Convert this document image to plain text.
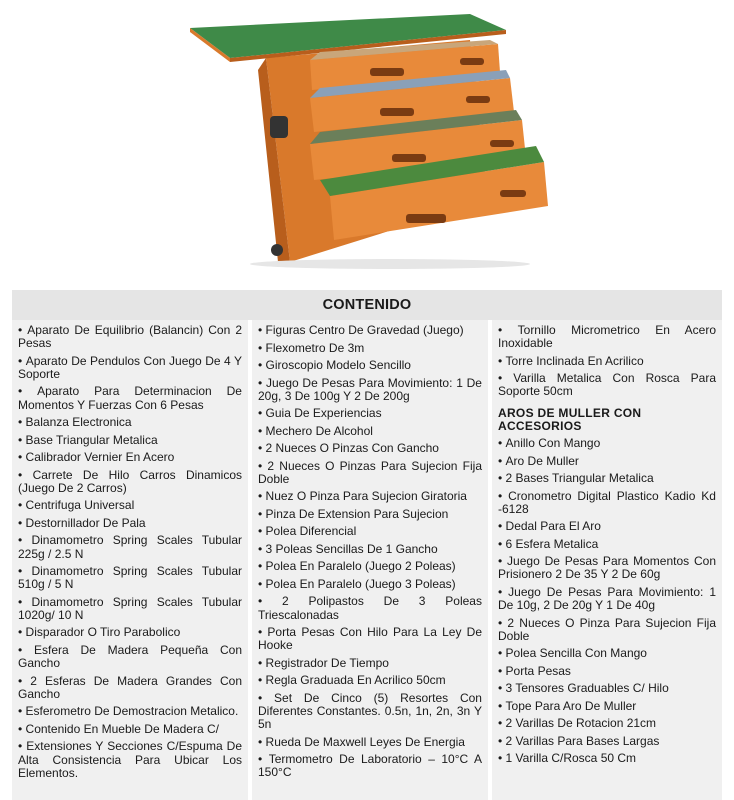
CONTENIDO
• Aparato De Equilibrio (Balancin) Con 2 Pesas
• Aparato De Pendulos Con Juego De 4 Y Soporte
• Aparato Para Determinacion De Momentos Y Fuerzas Con 6 Pesas
• Balanza Electronica
• Base Triangular Metalica
• Calibrador Vernier En Acero
• Carrete De Hilo Carros Dinamicos (Juego De 2 Carros)
• Centrifuga Universal
• Destornillador De Pala
• Dinamometro Spring Scales Tubular 225g / 2.5 N
• Dinamometro Spring Scales Tubular 510g / 5 N
• Dinamometro Spring Scales Tubular 1020g/ 10 N
• Disparador O Tiro Parabolico
• Esfera De Madera Pequeña Con Gancho
• 2 Esferas De Madera Grandes Con Gancho
• Esferometro De Demostracion Metalico.
• Contenido En Mueble De Madera C/
• Extensiones Y Secciones C/Espuma De Alta Consistencia Para Ubicar Los Elementos.
• Figuras Centro De Gravedad (Juego)
• Flexometro De 3m
• Giroscopio Modelo Sencillo
• Juego De Pesas Para Movimiento: 1 De 20g, 3 De 100g Y 2 De 200g
• Guia De Experiencias
• Mechero De Alcohol
• 2 Nueces O Pinzas Con Gancho
• 2 Nueces O Pinzas Para Sujecion Fija Doble
• Nuez O Pinza Para Sujecion Giratoria
• Pinza De Extension Para Sujecion
• Polea Diferencial
• 3 Poleas Sencillas De 1 Gancho
• Polea En Paralelo (Juego 2 Poleas)
• Polea En Paralelo (Juego 3 Poleas)
• 2 Polipastos De 3 Poleas Triescalonadas
• Porta Pesas Con Hilo Para La Ley De Hooke
• Registrador De Tiempo
• Regla Graduada En Acrilico 50cm
• Set De Cinco (5) Resortes Con Diferentes Constantes. 0.5n, 1n, 2n, 3n Y 5n
• Rueda De Maxwell Leyes De Energia
• Termometro De Laboratorio – 10°C A 150°C
• Tornillo Micrometrico En Acero Inoxidable
• Torre Inclinada En Acrilico
• Varilla Metalica Con Rosca Para Soporte 50cm
AROS DE MULLER CON ACCESORIOS
• Anillo Con Mango
• Aro De Muller
• 2 Bases Triangular Metalica
• Cronometro Digital Plastico Kadio Kd -6128
• Dedal Para El Aro
• 6 Esfera Metalica
• Juego De Pesas Para Momentos Con Prisionero 2 De 35 Y 2 De 60g
• Juego De Pesas Para Movimiento: 1 De 10g, 2 De 20g Y 1 De 40g
• 2 Nueces O Pinza Para Sujecion Fija Doble
• Polea Sencilla Con Mango
• Porta Pesas
• 3 Tensores Graduables C/ Hilo
• Tope Para Aro De Muller
• 2 Varillas De Rotacion 21cm
• 2 Varillas Para Bases Largas
• 1 Varilla C/Rosca 50 Cm
